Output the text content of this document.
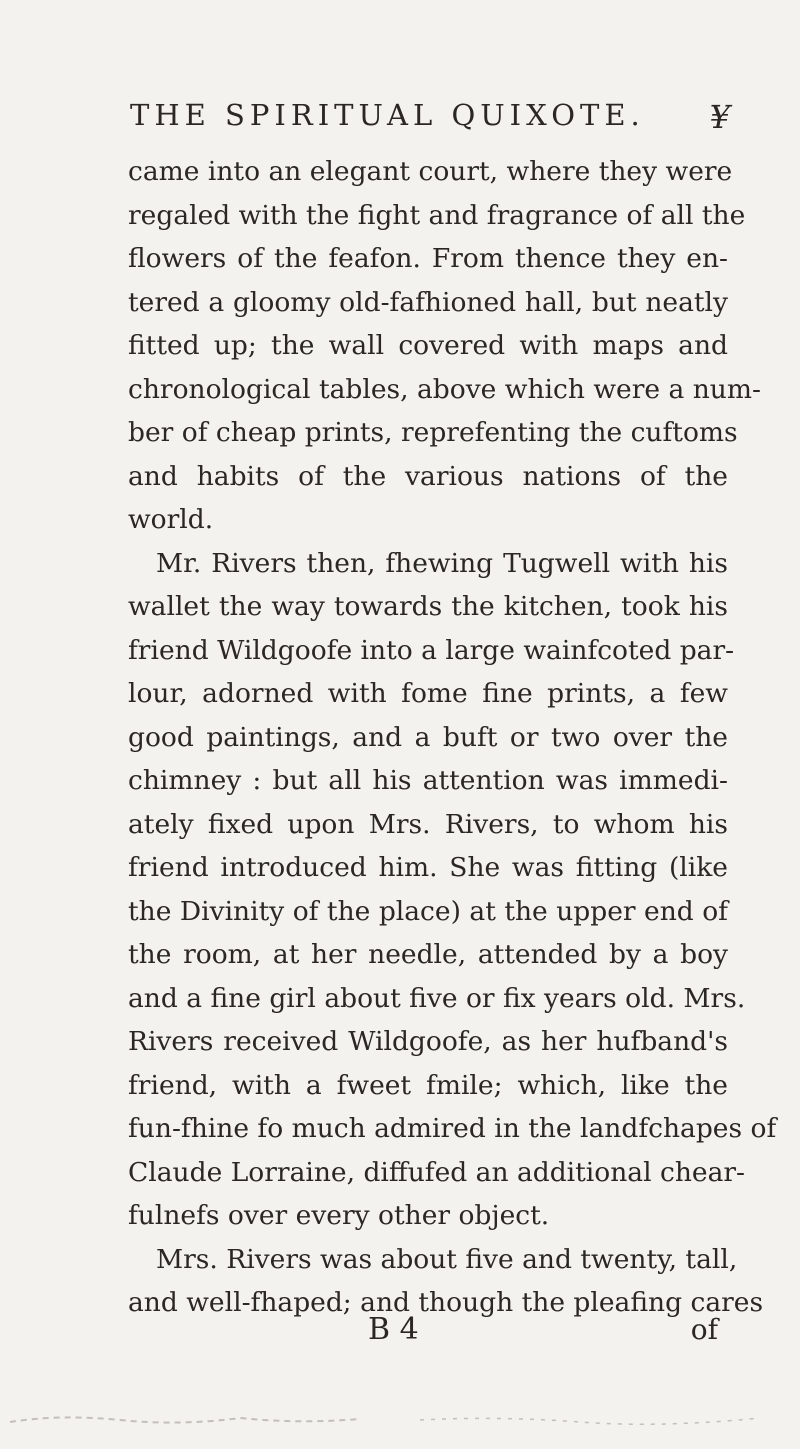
THE SPIRITUAL QUIXOTE. ¥
came into an elegant court, where they were
regaled with the fight and fragrance of all the
flowers of the feafon. From thence they en-
tered a gloomy old-fafhioned hall, but neatly
fitted up; the wall covered with maps and
chronological tables, above which were a num-
ber of cheap prints, reprefenting the cuftoms
and habits of the various nations of the
world.
Mr. Rivers then, fhewing Tugwell with his
wallet the way towards the kitchen, took his
friend Wildgoofe into a large wainfcoted par-
lour, adorned with fome fine prints, a few
good paintings, and a buft or two over the
chimney : but all his attention was immedi-
ately fixed upon Mrs. Rivers, to whom his
friend introduced him. She was fitting (like
the Divinity of the place) at the upper end of
the room, at her needle, attended by a boy
and a fine girl about five or fix years old. Mrs.
Rivers received Wildgoofe, as her hufband's
friend, with a fweet fmile; which, like the
fun-fhine fo much admired in the landfchapes of
Claude Lorraine, diffufed an additional chear-
fulnefs over every other object.
Mrs. Rivers was about five and twenty, tall,
and well-fhaped; and though the pleafing cares
B 4	of
